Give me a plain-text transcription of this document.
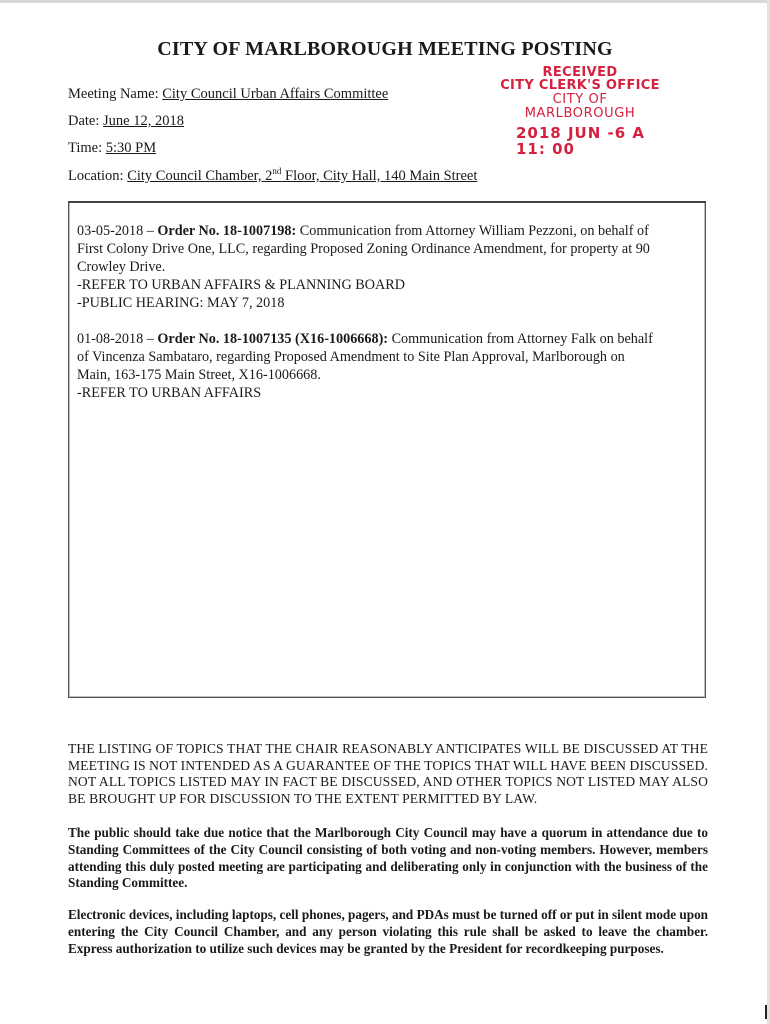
CITY OF MARLBOROUGH MEETING POSTING
Meeting Name: City Council Urban Affairs Committee
Date: June 12, 2018
Time: 5:30 PM
Location: City Council Chamber, 2nd Floor, City Hall, 140 Main Street
RECEIVED
CITY CLERK'S OFFICE
CITY OF MARLBOROUGH
2018 JUN -6 A 11: 00
03-05-2018 – Order No. 18-1007198: Communication from Attorney William Pezzoni, on behalf of
First Colony Drive One, LLC, regarding Proposed Zoning Ordinance Amendment, for property at 90
Crowley Drive.
-REFER TO URBAN AFFAIRS & PLANNING BOARD
-PUBLIC HEARING: MAY 7, 2018
01-08-2018 – Order No. 18-1007135 (X16-1006668): Communication from Attorney Falk on behalf
of Vincenza Sambataro, regarding Proposed Amendment to Site Plan Approval, Marlborough on
Main, 163-175 Main Street, X16-1006668.
-REFER TO URBAN AFFAIRS
THE LISTING OF TOPICS THAT THE CHAIR REASONABLY ANTICIPATES WILL BE DISCUSSED AT THE MEETING IS NOT INTENDED AS A GUARANTEE OF THE TOPICS THAT WILL HAVE BEEN DISCUSSED. NOT ALL TOPICS LISTED MAY IN FACT BE DISCUSSED, AND OTHER TOPICS NOT LISTED MAY ALSO BE BROUGHT UP FOR DISCUSSION TO THE EXTENT PERMITTED BY LAW.
The public should take due notice that the Marlborough City Council may have a quorum in attendance due to Standing Committees of the City Council consisting of both voting and non-voting members. However, members attending this duly posted meeting are participating and deliberating only in conjunction with the business of the Standing Committee.
Electronic devices, including laptops, cell phones, pagers, and PDAs must be turned off or put in silent mode upon entering the City Council Chamber, and any person violating this rule shall be asked to leave the chamber. Express authorization to utilize such devices may be granted by the President for recordkeeping purposes.
